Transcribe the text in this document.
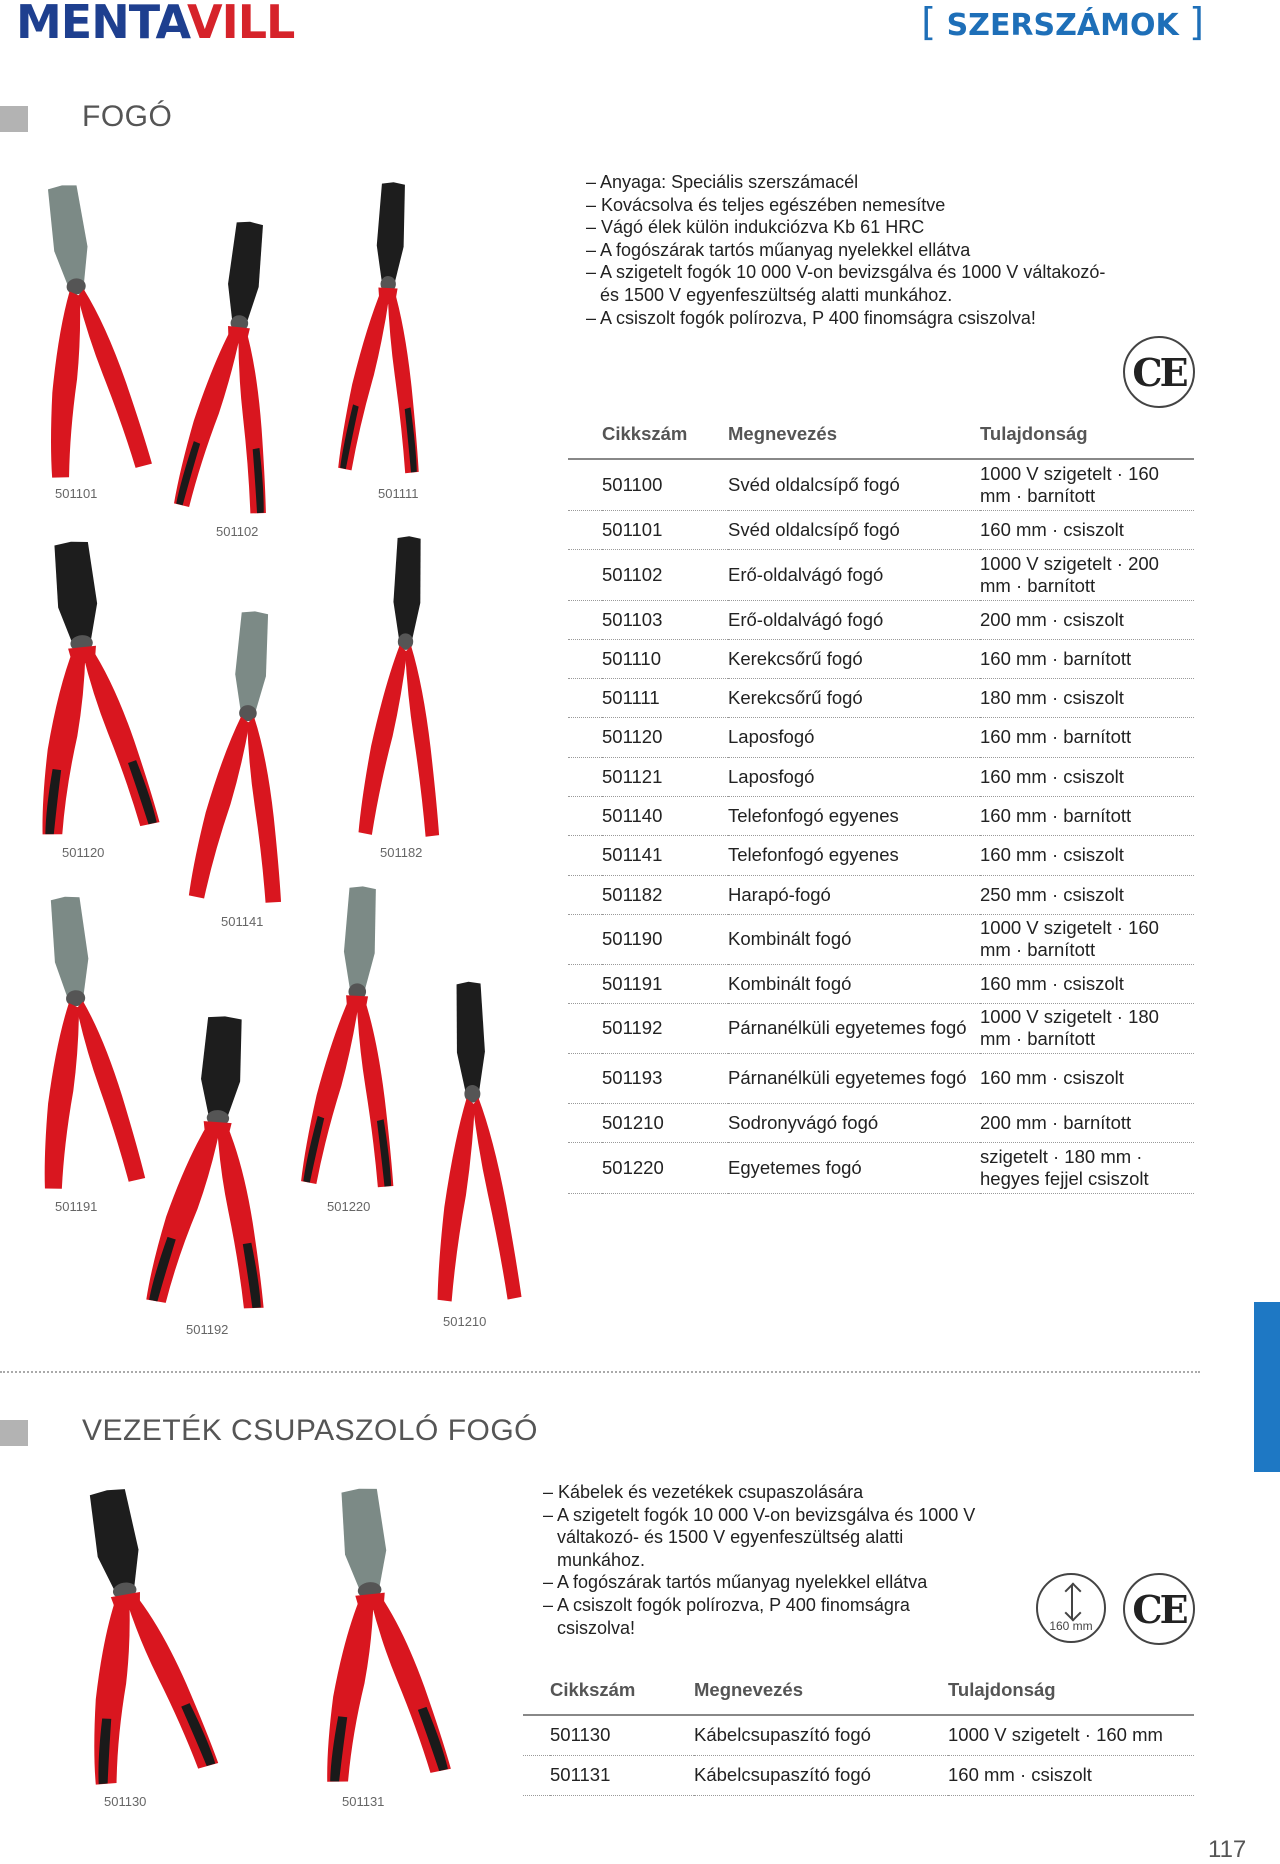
MENTAVILL	[ SZERSZÁMOK ]
FOGÓ
– Anyaga: Speciális szerszámacél
– Kovácsolva és teljes egészében nemesítve
– Vágó élek külön indukciózva Kb 61 HRC
– A fogószárak tartós műanyag nyelekkel ellátva
– A szigetelt fogók 10 000 V-on bevizsgálva és 1000 V váltakozó- és 1500 V egyenfeszültség alatti munkához.
– A csiszolt fogók polírozva, P 400 finomságra csiszolva!
CE
	Cikkszám	Megnevezés	Tulajdonság
	501100	Svéd oldalcsípő fogó	1000 V szigetelt · 160 mm · barnított
	501101	Svéd oldalcsípő fogó	160 mm · csiszolt
	501102	Erő-oldalvágó fogó	1000 V szigetelt · 200 mm · barnított
	501103	Erő-oldalvágó fogó	200 mm · csiszolt
	501110	Kerekcsőrű fogó	160 mm · barnított
	501111	Kerekcsőrű fogó	180 mm · csiszolt
	501120	Laposfogó	160 mm · barnított
	501121	Laposfogó	160 mm · csiszolt
	501140	Telefonfogó egyenes	160 mm · barnított
	501141	Telefonfogó egyenes	160 mm · csiszolt
	501182	Harapó-fogó	250 mm · csiszolt
	501190	Kombinált fogó	1000 V szigetelt · 160 mm · barnított
	501191	Kombinált fogó	160 mm · csiszolt
	501192	Párnanélküli egyetemes fogó	1000 V szigetelt · 180 mm · barnított
	501193	Párnanélküli egyetemes fogó	160 mm · csiszolt
	501210	Sodronyvágó fogó	200 mm · barnított
	501220	Egyetemes fogó	szigetelt · 180 mm · hegyes fejjel csiszolt
501101
501102
501111
501120
501141
501182
501191
501192
501220
501210
VEZETÉK CSUPASZOLÓ FOGÓ
– Kábelek és vezetékek csupaszolására
– A szigetelt fogók 10 000 V-on bevizsgálva és 1000 V váltakozó- és 1500 V egyenfeszültség alatti munkához.
– A fogószárak tartós műanyag nyelekkel ellátva
– A csiszolt fogók polírozva, P 400 finomságra csiszolva!	160 mm CE
	Cikkszám	Megnevezés	Tulajdonság
	501130	Kábelcsupaszító fogó	1000 V szigetelt · 160 mm
	501131	Kábelcsupaszító fogó	160 mm · csiszolt
501130	501131
117
